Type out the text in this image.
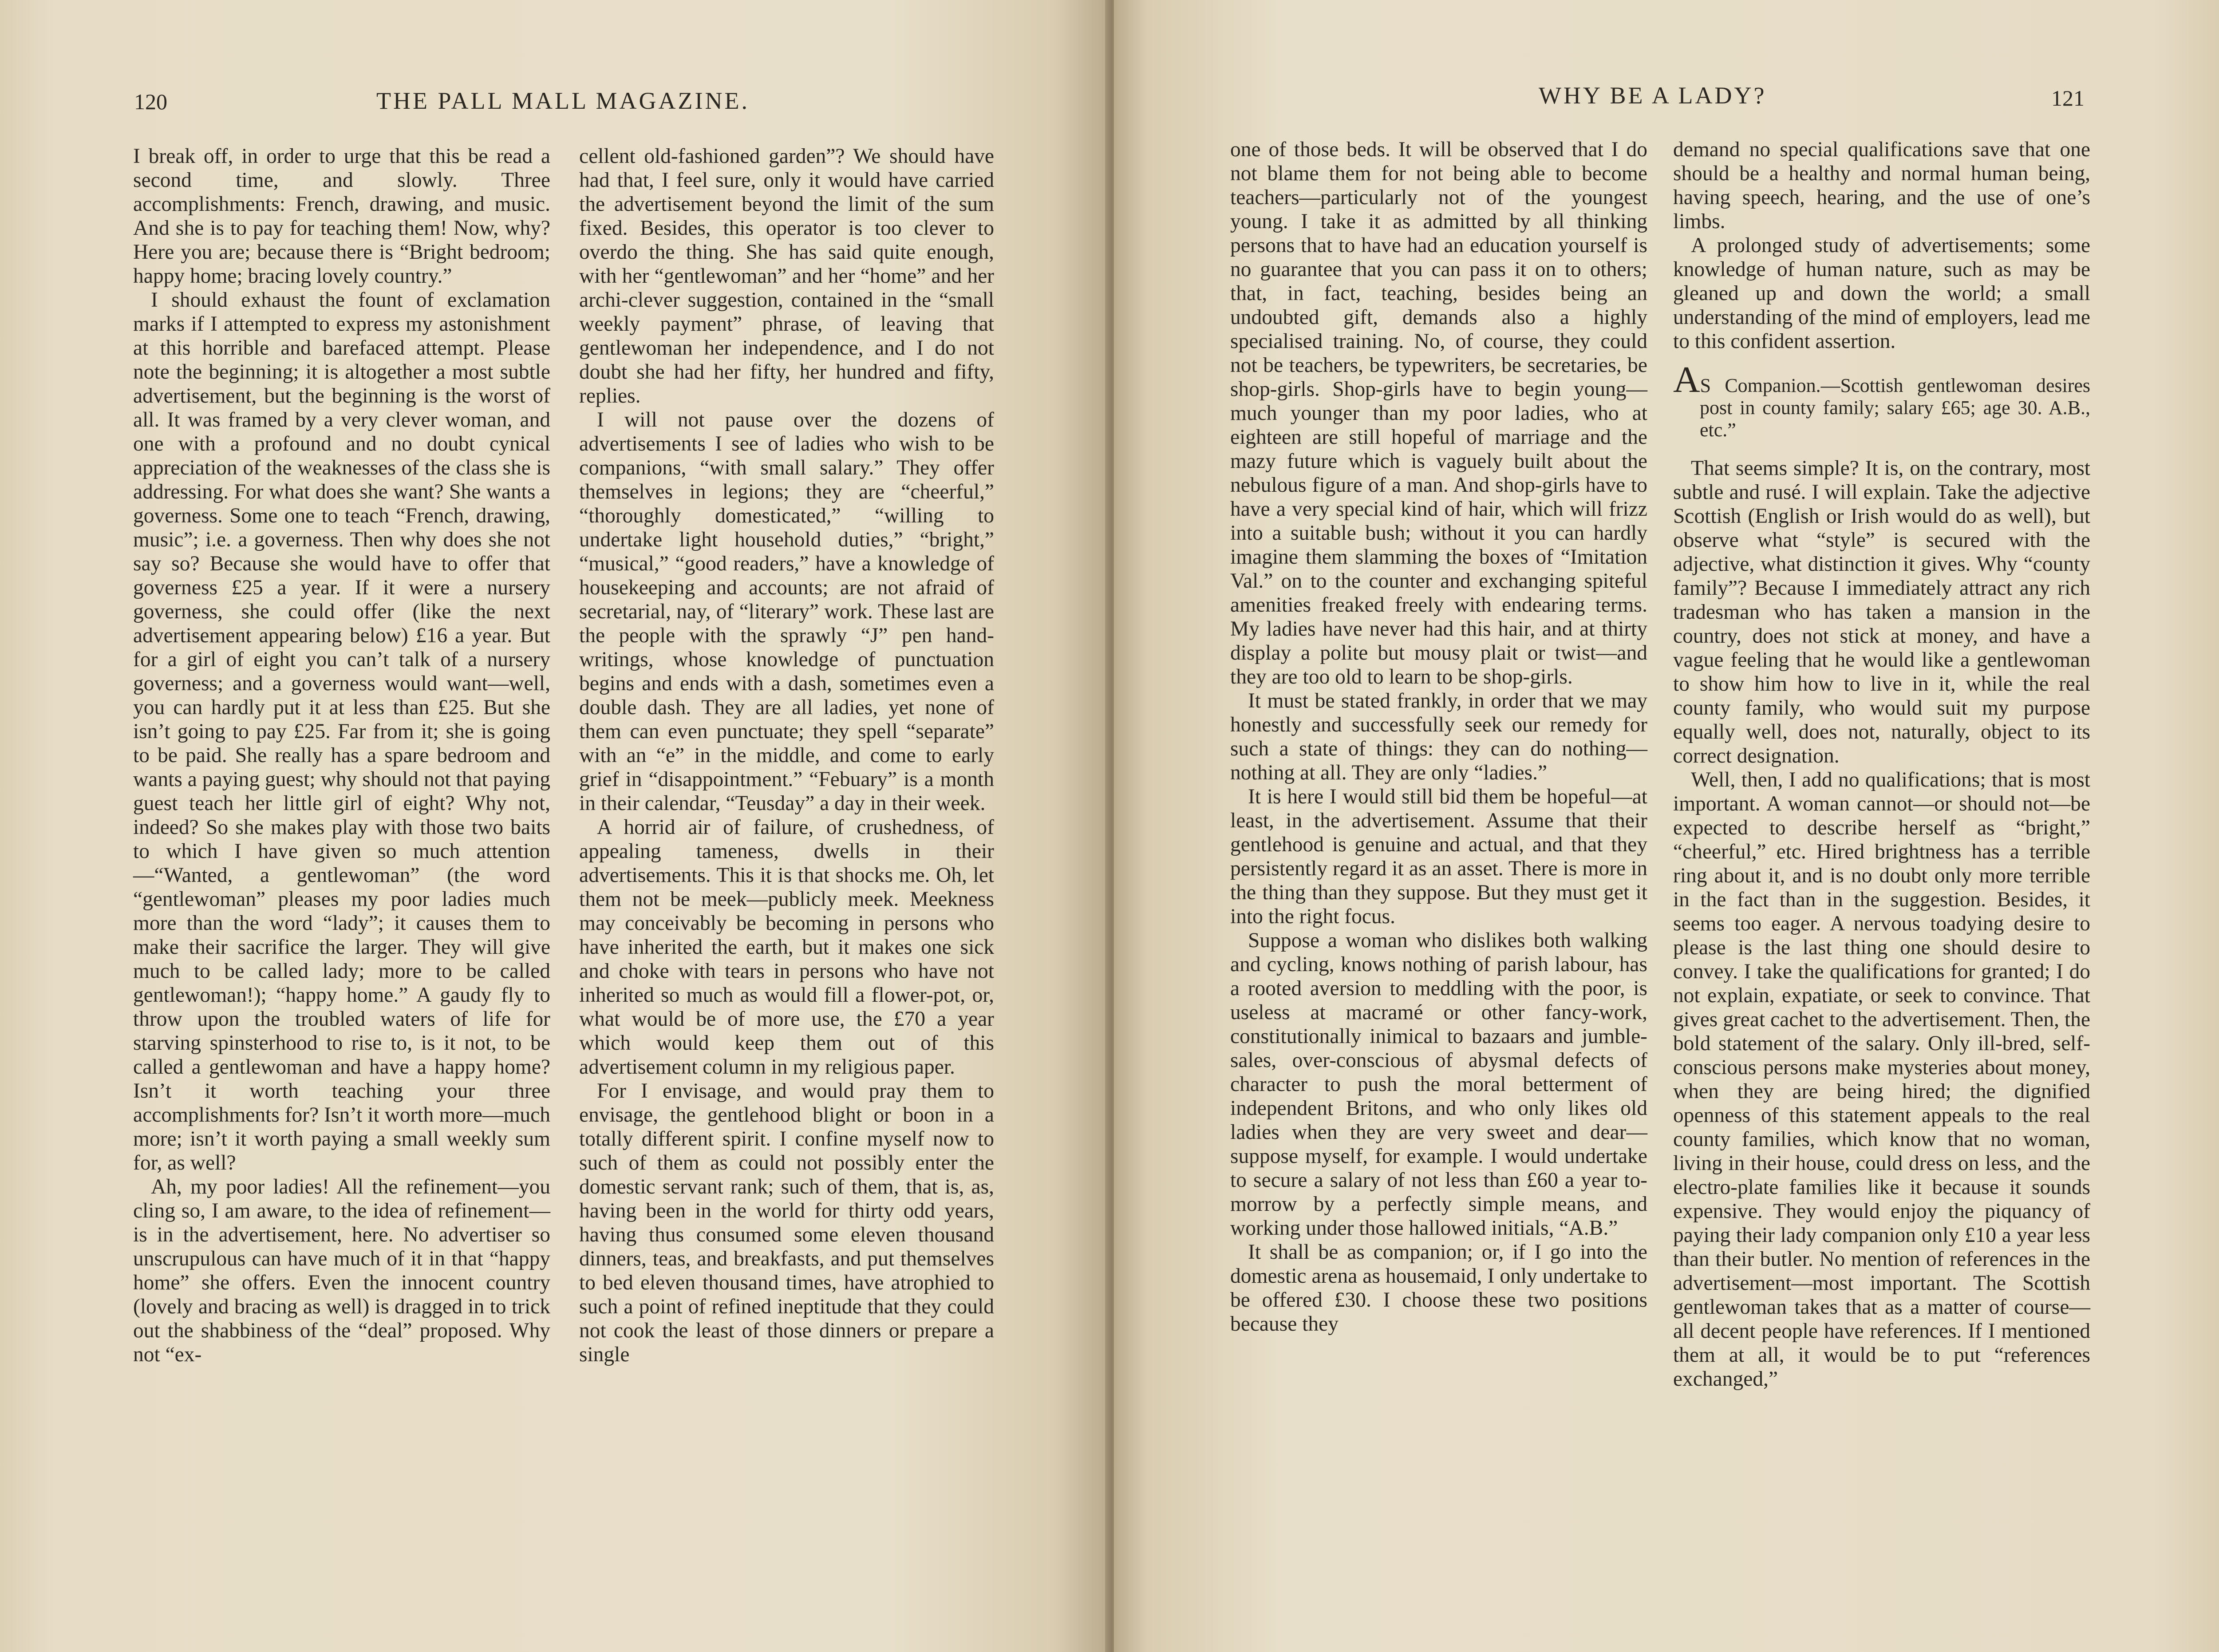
120	THE PALL MALL MAGAZINE.

I break off, in order to urge that this be read a second time, and slowly. Three accomplishments: French, drawing, and music. And she is to pay for teaching them! Now, why? Here you are; because there is “Bright bedroom; happy home; bracing lovely country.”

I should exhaust the fount of exclamation marks if I attempted to express my astonishment at this horrible and barefaced attempt. Please note the beginning; it is altogether a most subtle advertisement, but the beginning is the worst of all. It was framed by a very clever woman, and one with a profound and no doubt cynical appreciation of the weaknesses of the class she is addressing. For what does she want? She wants a governess. Some one to teach “French, drawing, music”; i.e. a governess. Then why does she not say so? Because she would have to offer that governess £25 a year. If it were a nursery governess, she could offer (like the next advertisement appearing below) £16 a year. But for a girl of eight you can’t talk of a nursery governess; and a governess would want—well, you can hardly put it at less than £25. But she isn’t going to pay £25. Far from it; she is going to be paid. She really has a spare bedroom and wants a paying guest; why should not that paying guest teach her little girl of eight? Why not, indeed? So she makes play with those two baits to which I have given so much attention—“Wanted, a gentlewoman” (the word “gentlewoman” pleases my poor ladies much more than the word “lady”; it causes them to make their sacrifice the larger. They will give much to be called lady; more to be called gentlewoman!); “happy home.” A gaudy fly to throw upon the troubled waters of life for starving spinsterhood to rise to, is it not, to be called a gentlewoman and have a happy home? Isn’t it worth teaching your three accomplishments for? Isn’t it worth more—much more; isn’t it worth paying a small weekly sum for, as well?

Ah, my poor ladies! All the refinement—you cling so, I am aware, to the idea of refinement—is in the advertisement, here. No advertiser so unscrupulous can have much of it in that “happy home” she offers. Even the innocent country (lovely and bracing as well) is dragged in to trick out the shabbiness of the “deal” proposed. Why not “ex-

cellent old-fashioned garden”? We should have had that, I feel sure, only it would have carried the advertisement beyond the limit of the sum fixed. Besides, this operator is too clever to overdo the thing. She has said quite enough, with her “gentlewoman” and her “home” and her archi-clever suggestion, contained in the “small weekly payment” phrase, of leaving that gentlewoman her independence, and I do not doubt she had her fifty, her hundred and fifty, replies.

I will not pause over the dozens of advertisements I see of ladies who wish to be companions, “with small salary.” They offer themselves in legions; they are “cheerful,” “thoroughly domesticated,” “willing to undertake light household duties,” “bright,” “musical,” “good readers,” have a knowledge of housekeeping and accounts; are not afraid of secretarial, nay, of “literary” work. These last are the people with the sprawly “J” pen hand-writings, whose knowledge of punctuation begins and ends with a dash, sometimes even a double dash. They are all ladies, yet none of them can even punctuate; they spell “separate” with an “e” in the middle, and come to early grief in “disappointment.” “Febuary” is a month in their calendar, “Teusday” a day in their week.

A horrid air of failure, of crushedness, of appealing tameness, dwells in their advertisements. This it is that shocks me. Oh, let them not be meek—publicly meek. Meekness may conceivably be becoming in persons who have inherited the earth, but it makes one sick and choke with tears in persons who have not inherited so much as would fill a flower-pot, or, what would be of more use, the £70 a year which would keep them out of this advertisement column in my religious paper.

For I envisage, and would pray them to envisage, the gentlehood blight or boon in a totally different spirit. I confine myself now to such of them as could not possibly enter the domestic servant rank; such of them, that is, as, having been in the world for thirty odd years, having thus consumed some eleven thousand dinners, teas, and breakfasts, and put themselves to bed eleven thousand times, have atrophied to such a point of refined ineptitude that they could not cook the least of those dinners or prepare a single

WHY BE A LADY?	121

one of those beds. It will be observed that I do not blame them for not being able to become teachers—particularly not of the youngest young. I take it as admitted by all thinking persons that to have had an education yourself is no guarantee that you can pass it on to others; that, in fact, teaching, besides being an undoubted gift, demands also a highly specialised training. No, of course, they could not be teachers, be typewriters, be secretaries, be shop-girls. Shop-girls have to begin young—much younger than my poor ladies, who at eighteen are still hopeful of marriage and the mazy future which is vaguely built about the nebulous figure of a man. And shop-girls have to have a very special kind of hair, which will frizz into a suitable bush; without it you can hardly imagine them slamming the boxes of “Imitation Val.” on to the counter and exchanging spiteful amenities freaked freely with endearing terms. My ladies have never had this hair, and at thirty display a polite but mousy plait or twist—and they are too old to learn to be shop-girls.

It must be stated frankly, in order that we may honestly and successfully seek our remedy for such a state of things: they can do nothing—nothing at all. They are only “ladies.”

It is here I would still bid them be hopeful—at least, in the advertisement. Assume that their gentlehood is genuine and actual, and that they persistently regard it as an asset. There is more in the thing than they suppose. But they must get it into the right focus.

Suppose a woman who dislikes both walking and cycling, knows nothing of parish labour, has a rooted aversion to meddling with the poor, is useless at macramé or other fancy-work, constitutionally inimical to bazaars and jumble-sales, over-conscious of abysmal defects of character to push the moral betterment of independent Britons, and who only likes old ladies when they are very sweet and dear—suppose myself, for example. I would undertake to secure a salary of not less than £60 a year to-morrow by a perfectly simple means, and working under those hallowed initials, “A.B.”

It shall be as companion; or, if I go into the domestic arena as housemaid, I only undertake to be offered £30. I choose these two positions because they

demand no special qualifications save that one should be a healthy and normal human being, having speech, hearing, and the use of one’s limbs.

A prolonged study of advertisements; some knowledge of human nature, such as may be gleaned up and down the world; a small understanding of the mind of employers, lead me to this confident assertion.

AS Companion.—Scottish gentlewoman desires post in county family; salary £65; age 30. A.B., etc.”

That seems simple? It is, on the contrary, most subtle and rusé. I will explain. Take the adjective Scottish (English or Irish would do as well), but observe what “style” is secured with the adjective, what distinction it gives. Why “county family”? Because I immediately attract any rich tradesman who has taken a mansion in the country, does not stick at money, and have a vague feeling that he would like a gentlewoman to show him how to live in it, while the real county family, who would suit my purpose equally well, does not, naturally, object to its correct designation.

Well, then, I add no qualifications; that is most important. A woman cannot—or should not—be expected to describe herself as “bright,” “cheerful,” etc. Hired brightness has a terrible ring about it, and is no doubt only more terrible in the fact than in the suggestion. Besides, it seems too eager. A nervous toadying desire to please is the last thing one should desire to convey. I take the qualifications for granted; I do not explain, expatiate, or seek to convince. That gives great cachet to the advertisement. Then, the bold statement of the salary. Only ill-bred, self-conscious persons make mysteries about money, when they are being hired; the dignified openness of this statement appeals to the real county families, which know that no woman, living in their house, could dress on less, and the electro-plate families like it because it sounds expensive. They would enjoy the piquancy of paying their lady companion only £10 a year less than their butler. No mention of references in the advertisement—most important. The Scottish gentlewoman takes that as a matter of course—all decent people have references. If I mentioned them at all, it would be to put “references exchanged,”
